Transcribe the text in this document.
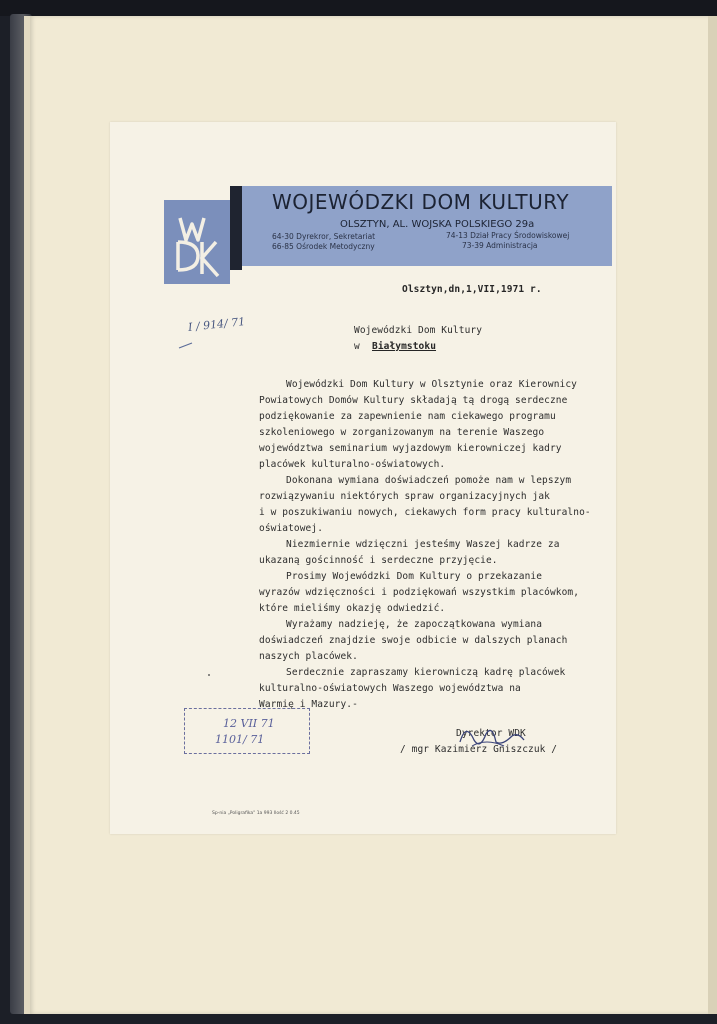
WOJEWÓDZKI DOM KULTURY
OLSZTYN, AL. WOJSKA POLSKIEGO 29a
64-30 Dyrekror, Sekretariat
66-85 Ośrodek Metodyczny
74-13 Dział Pracy Środowiskowej
73-39 Administracja
Olsztyn,dn,1,VII,1971 r.
I / 914/ 71	Wojewódzki Dom Kultury
w Białymstoku
Wojewódzki Dom Kultury w Olsztynie oraz Kierownicy
Powiatowych Domów Kultury składają tą drogą serdeczne
podziękowanie za zapewnienie nam ciekawego programu
szkoleniowego w zorganizowanym na terenie Waszego
województwa seminarium wyjazdowym kierowniczej kadry
placówek kulturalno-oświatowych.
Dokonana wymiana doświadczeń pomoże nam w lepszym
rozwiązywaniu niektórych spraw organizacyjnych jak
i w poszukiwaniu nowych, ciekawych form pracy kulturalno-
oświatowej.
Niezmiernie wdzięczni jesteśmy Waszej kadrze za
ukazaną gościnność i serdeczne przyjęcie.
Prosimy Wojewódzki Dom Kultury o przekazanie
wyrazów wdzięczności i podziękowań wszystkim placówkom,
które mieliśmy okazję odwiedzić.
Wyrażamy nadzieję, że zapoczątkowana wymiana
doświadczeń znajdzie swoje odbicie w dalszych planach
naszych placówek.
Serdecznie zapraszamy kierowniczą kadrę placówek
kulturalno-oświatowych Waszego województwa na
Warmię i Mazury.-
Dyrektor WDK
/ mgr Kazimierz Gniszczuk /
12 VII 71
1101/ 71
Sp-nia „Poligrafika" 1a 993 Ilość 2 0.45
